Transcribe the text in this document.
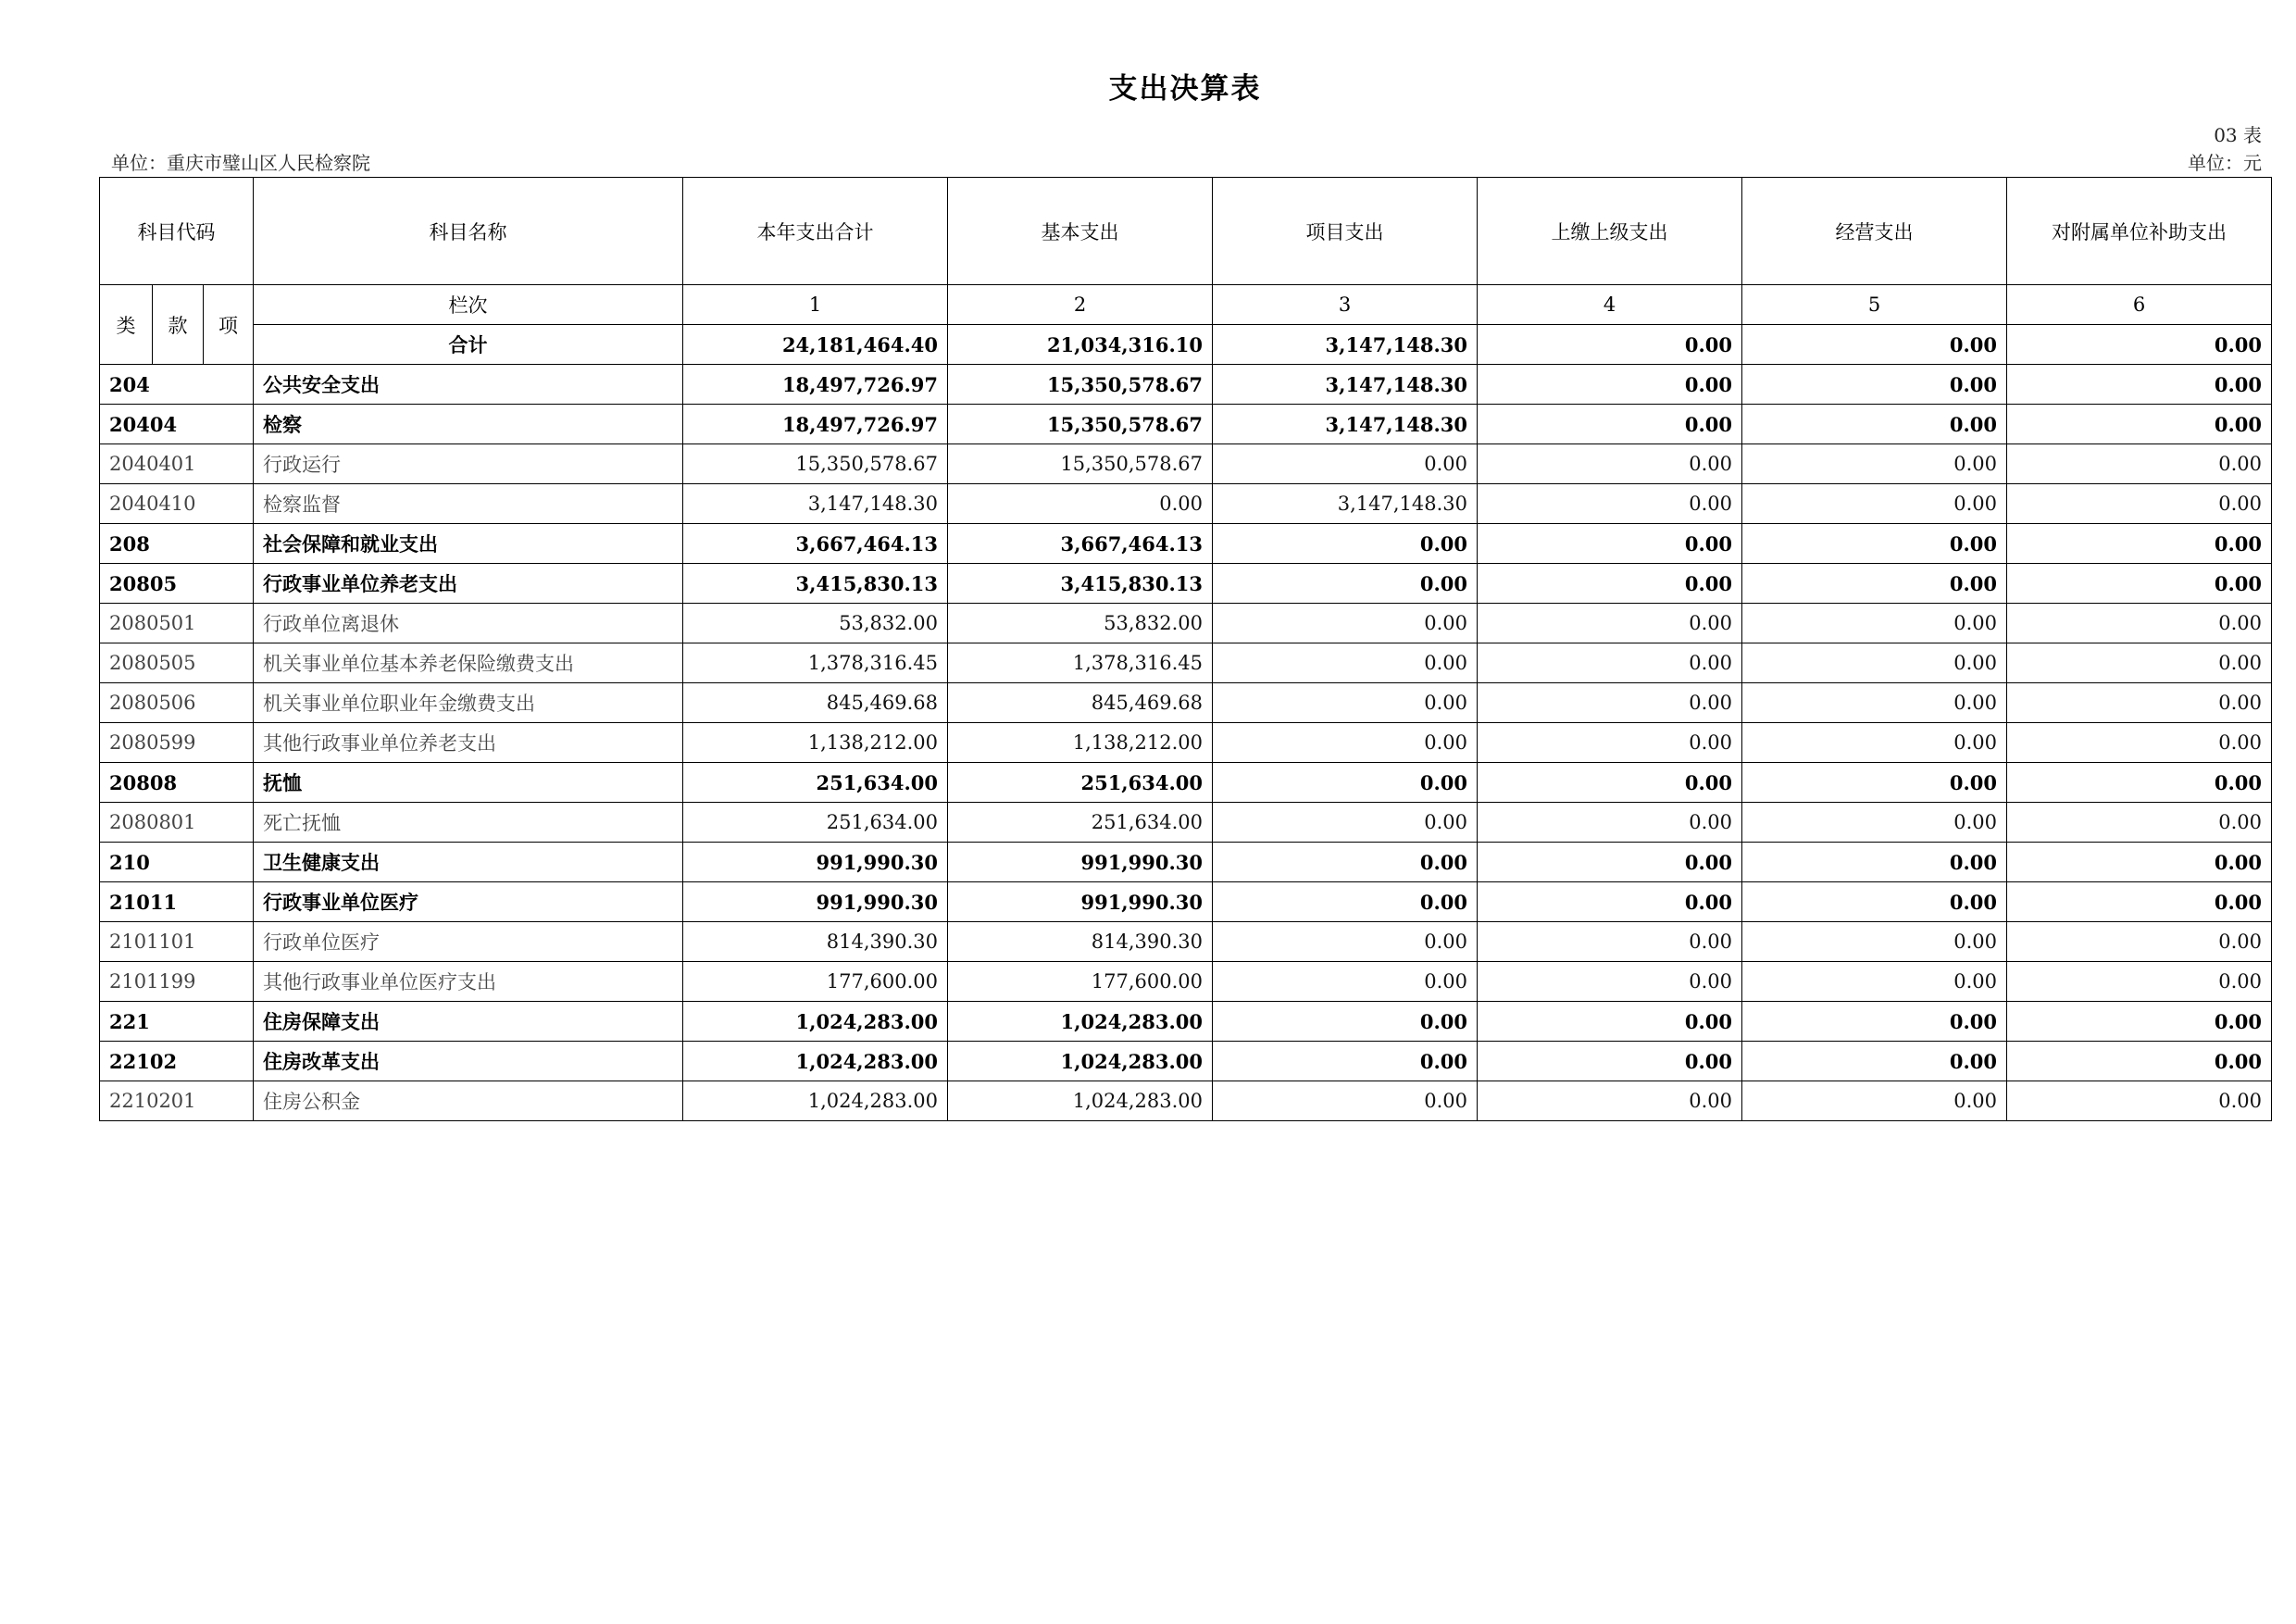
支出决算表
03 表
单位：重庆市璧山区人民检察院	单位：元
科目代码			科目名称	本年支出合计	基本支出	项目支出	上缴上级支出	经营支出	对附属单位补助支出
类	款	项	栏次	1	2	3	4	5	6
			合计	24,181,464.40	21,034,316.10	3,147,148.30	0.00	0.00	0.00
204			公共安全支出	18,497,726.97	15,350,578.67	3,147,148.30	0.00	0.00	0.00
20404			检察	18,497,726.97	15,350,578.67	3,147,148.30	0.00	0.00	0.00
2040401			行政运行	15,350,578.67	15,350,578.67	0.00	0.00	0.00	0.00
2040410			检察监督	3,147,148.30	0.00	3,147,148.30	0.00	0.00	0.00
208			社会保障和就业支出	3,667,464.13	3,667,464.13	0.00	0.00	0.00	0.00
20805			行政事业单位养老支出	3,415,830.13	3,415,830.13	0.00	0.00	0.00	0.00
2080501			行政单位离退休	53,832.00	53,832.00	0.00	0.00	0.00	0.00
2080505			机关事业单位基本养老保险缴费支出	1,378,316.45	1,378,316.45	0.00	0.00	0.00	0.00
2080506			机关事业单位职业年金缴费支出	845,469.68	845,469.68	0.00	0.00	0.00	0.00
2080599			其他行政事业单位养老支出	1,138,212.00	1,138,212.00	0.00	0.00	0.00	0.00
20808			抚恤	251,634.00	251,634.00	0.00	0.00	0.00	0.00
2080801			死亡抚恤	251,634.00	251,634.00	0.00	0.00	0.00	0.00
210			卫生健康支出	991,990.30	991,990.30	0.00	0.00	0.00	0.00
21011			行政事业单位医疗	991,990.30	991,990.30	0.00	0.00	0.00	0.00
2101101			行政单位医疗	814,390.30	814,390.30	0.00	0.00	0.00	0.00
2101199			其他行政事业单位医疗支出	177,600.00	177,600.00	0.00	0.00	0.00	0.00
221			住房保障支出	1,024,283.00	1,024,283.00	0.00	0.00	0.00	0.00
22102			住房改革支出	1,024,283.00	1,024,283.00	0.00	0.00	0.00	0.00
2210201			住房公积金	1,024,283.00	1,024,283.00	0.00	0.00	0.00	0.00
